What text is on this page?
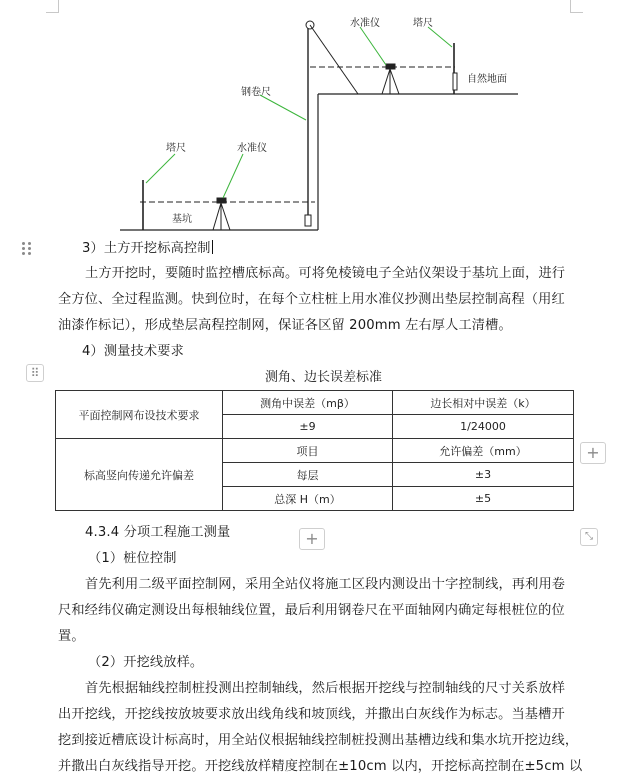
水准仪	塔尺
自然地面
钢卷尺
塔尺	水准仪
基坑
3）土方开挖标高控制
土方开挖时，要随时监控槽底标高。可将免棱镜电子全站仪架设于基坑上面，进行
全方位、全过程监测。快到位时，在每个立柱桩上用水准仪抄测出垫层控制高程（用红
油漆作标记），形成垫层高程控制网，保证各区留 200mm 左右厚人工清槽。
4）测量技术要求
⠿	测角、边长误差标准
平面控制网布设技术要求	测角中误差（mβ）	边长相对中误差（k）
	±9	1/24000
标高竖向传递允许偏差	项目	允许偏差（mm）
	每层	±3
	总深 H（m）	±5
+
+	⤡
4.3.4 分项工程施工测量
（1）桩位控制
首先利用二级平面控制网，采用全站仪将施工区段内测设出十字控制线，再利用卷
尺和经纬仪确定测设出每根轴线位置，最后利用钢卷尺在平面轴网内确定每根桩位的位
置。
（2）开挖线放样。
首先根据轴线控制桩投测出控制轴线，然后根据开挖线与控制轴线的尺寸关系放样
出开挖线，开挖线按放坡要求放出线角线和坡顶线，并撒出白灰线作为标志。当基槽开
挖到接近槽底设计标高时，用全站仪根据轴线控制桩投测出基槽边线和集水坑开挖边线，
并撒出白灰线指导开挖。开挖线放样精度控制在±10cm 以内，开挖标高控制在±5cm 以
